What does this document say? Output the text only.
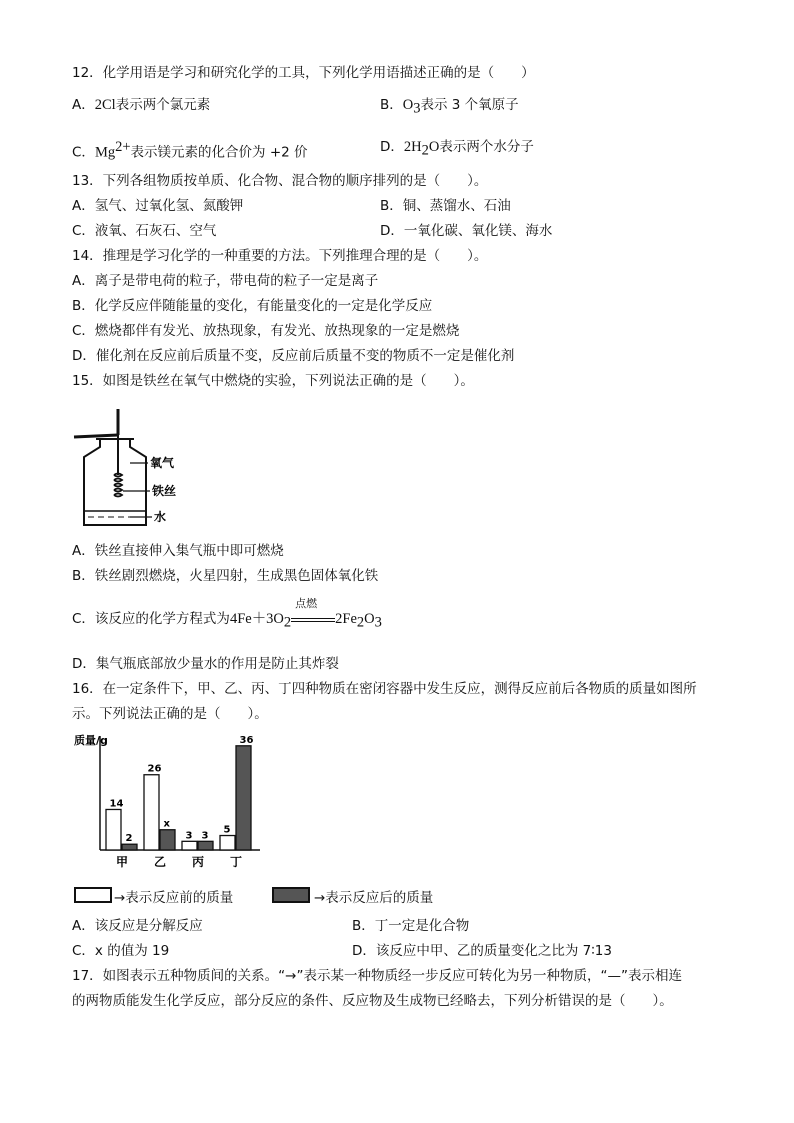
12．化学用语是学习和研究化学的工具，下列化学用语描述正确的是（　　）
A．2Cl表示两个氯元素	B．$O_3$表示 3 个氧原子
C．$Mg^{2+}$表示镁元素的化合价为 +2 价	D．$2H_2O$表示两个水分子
13．下列各组物质按单质、化合物、混合物的顺序排列的是（　　）。
A．氢气、过氧化氢、氮酸钾	B．铜、蒸馏水、石油
C．液氧、石灰石、空气	D．一氧化碳、氧化镁、海水
14．推理是学习化学的一种重要的方法。下列推理合理的是（　　）。
A．离子是带电荷的粒子，带电荷的粒子一定是离子
B．化学反应伴随能量的变化，有能量变化的一定是化学反应
C．燃烧都伴有发光、放热现象，有发光、放热现象的一定是燃烧
D．催化剂在反应前后质量不变，反应前后质量不变的物质不一定是催化剂
15．如图是铁丝在氧气中燃烧的实验，下列说法正确的是（　　）。
氧气
铁丝
水
A．铁丝直接伸入集气瓶中即可燃烧
B．铁丝剧烈燃烧，火星四射，生成黑色固体氧化铁
C．该反应的化学方程式为$4Fe+3O_2$
点燃
$2Fe_2O_3$
D．集气瓶底部放少量水的作用是防止其炸裂
16．在一定条件下，甲、乙、丙、丁四种物质在密闭容器中发生反应，测得反应前后各物质的质量如图所
示。下列说法正确的是（　　）。
质量/g
14
2
甲
26
x
乙
3 3
丙
5
36
丁
→表示反应前的质量	→表示反应后的质量
A．该反应是分解反应	B．丁一定是化合物
C．x 的值为 19	D．该反应中甲、乙的质量变化之比为 7∶13
17．如图表示五种物质间的关系。“→”表示某一种物质经一步反应可转化为另一种物质，“—”表示相连
的两物质能发生化学反应，部分反应的条件、反应物及生成物已经略去，下列分析错误的是（　　）。
